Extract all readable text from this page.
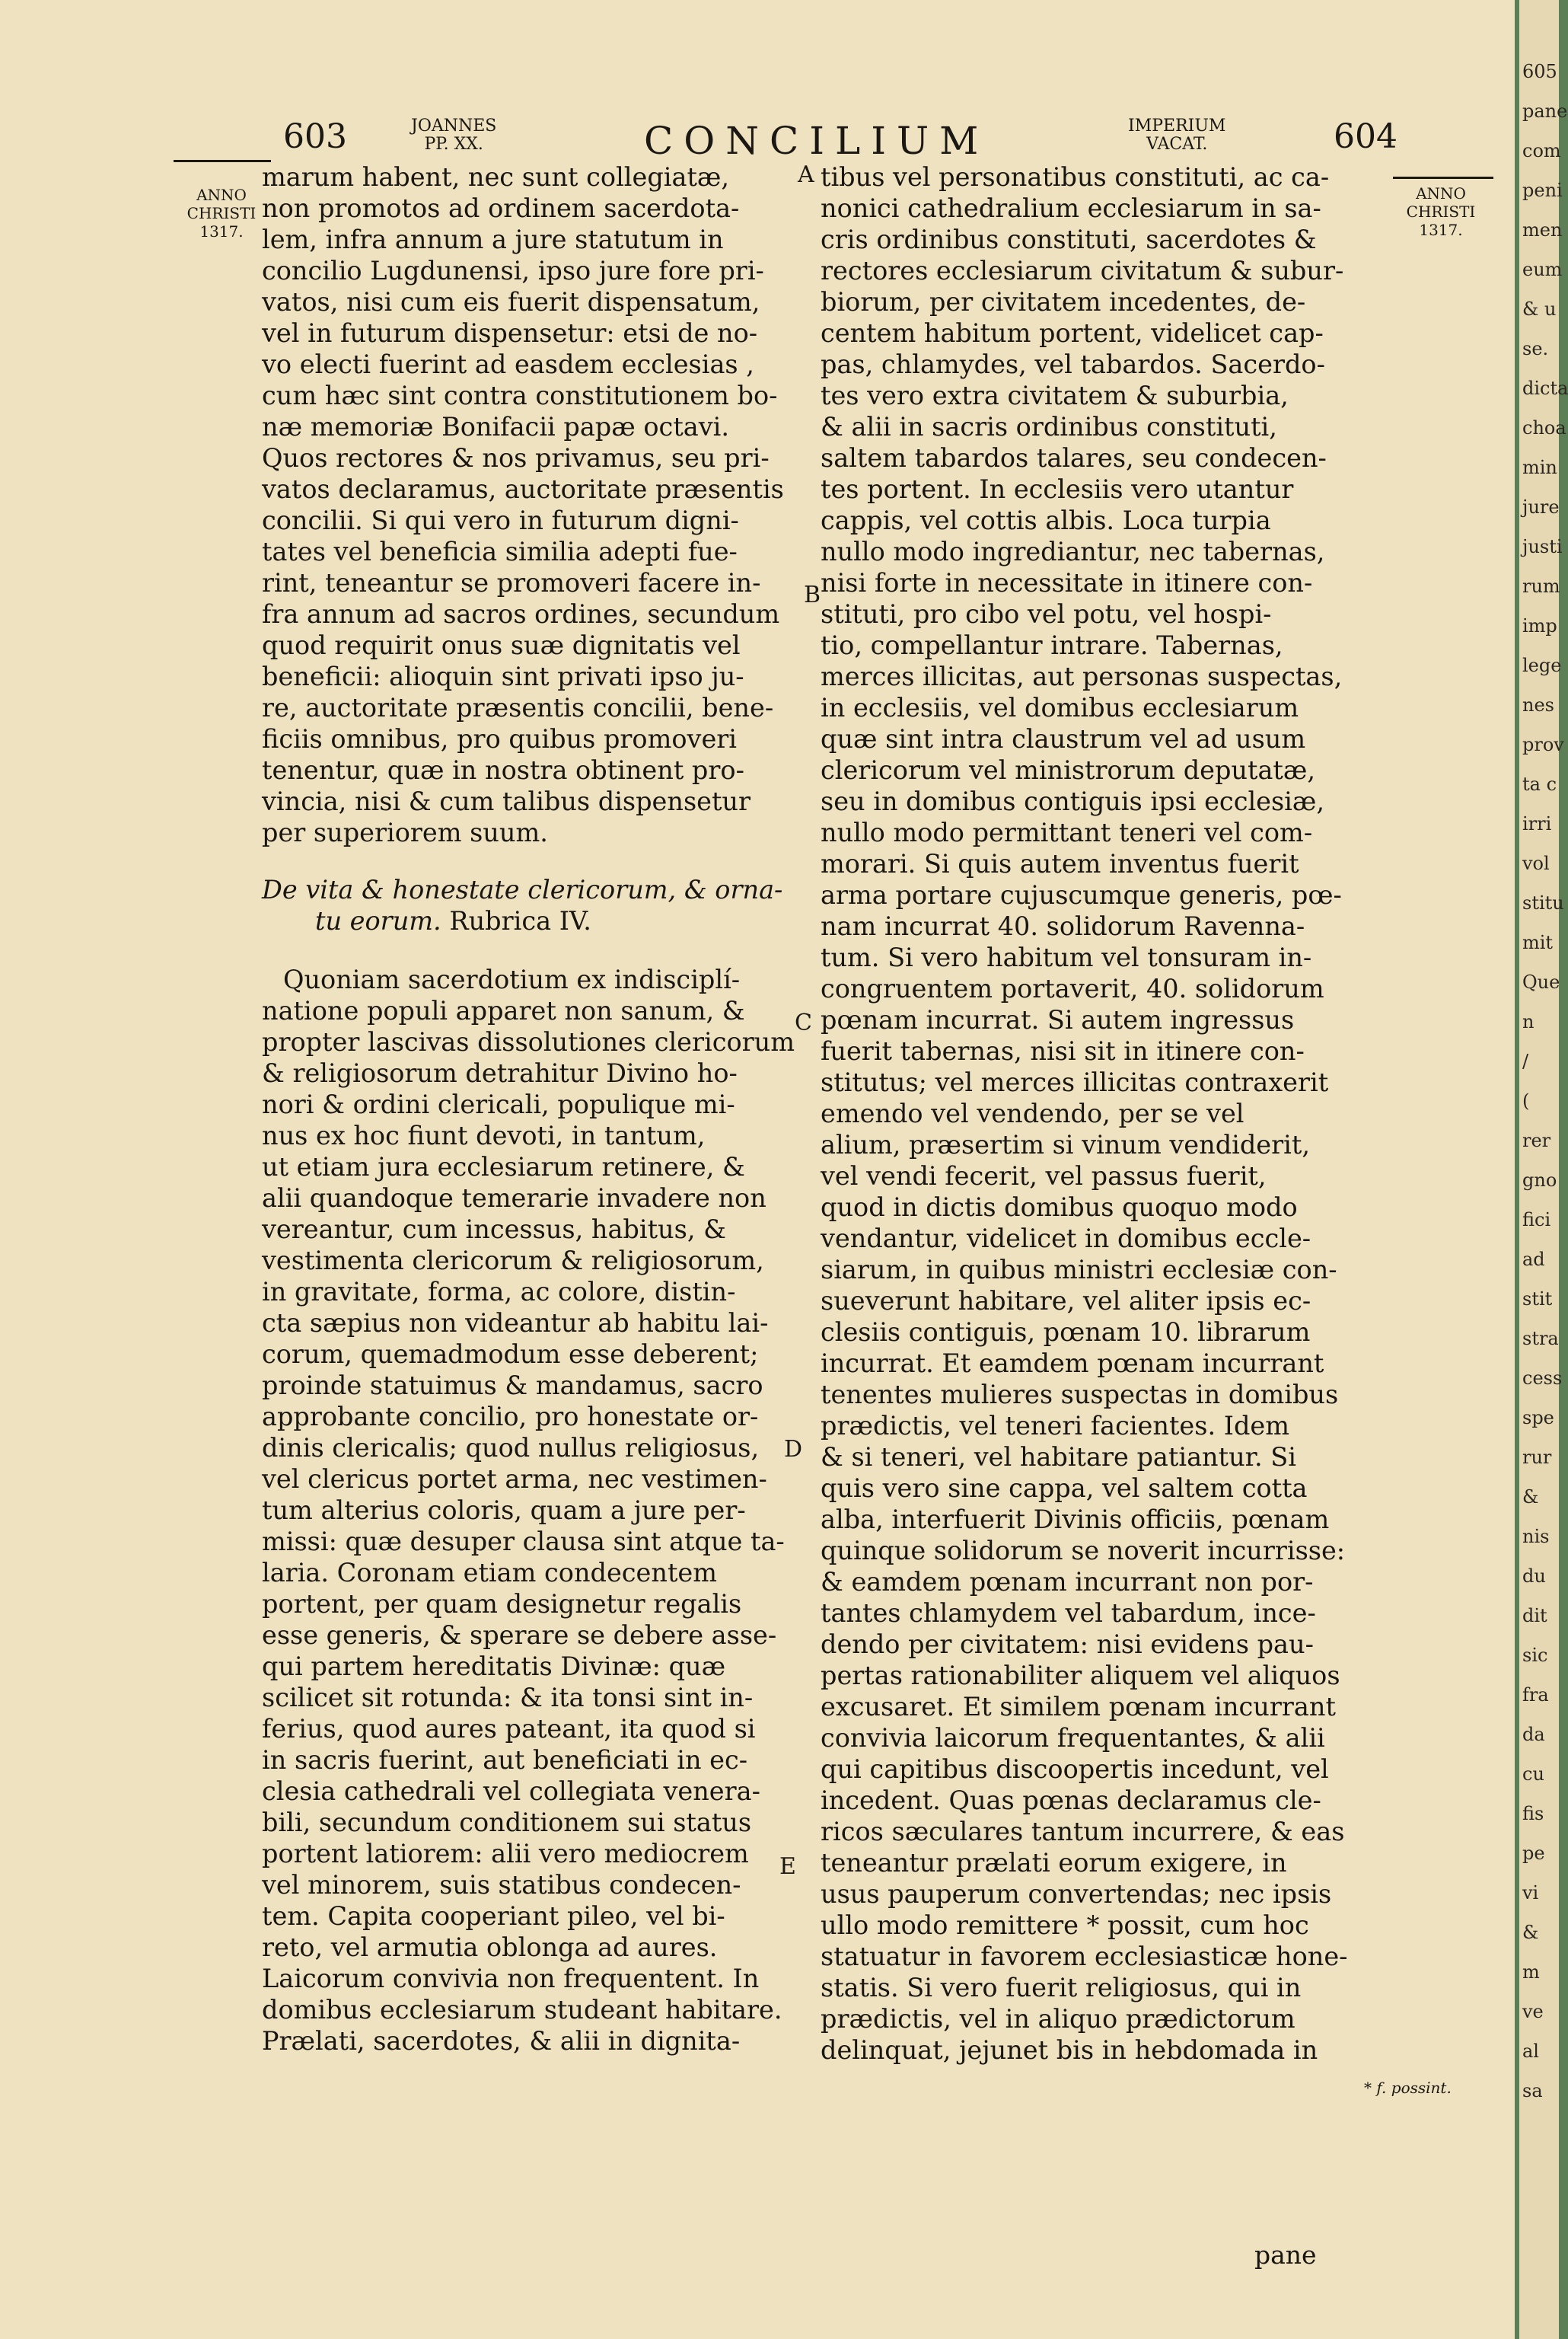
603	JOANNES
PP. XX.	CONCILIUM	IMPERIUM
VACAT.	604
ANNO
CHRISTI
1317.
ANNO
CHRISTI
1317.
marum habent, nec sunt collegiatæ,
non promotos ad ordinem sacerdota-
lem, infra annum a jure statutum in
concilio Lugdunensi, ipso jure fore pri-
vatos, nisi cum eis fuerit dispensatum,
vel in futurum dispensetur: etsi de no-
vo electi fuerint ad easdem ecclesias ,
cum hæc sint contra constitutionem bo-
næ memoriæ Bonifacii papæ octavi.
Quos rectores & nos privamus, seu pri-
vatos declaramus, auctoritate præsentis
concilii. Si qui vero in futurum digni-
tates vel beneficia similia adepti fue-
rint, teneantur se promoveri facere in-
fra annum ad sacros ordines, secundum
quod requirit onus suæ dignitatis vel
beneficii: alioquin sint privati ipso ju-
re, auctoritate præsentis concilii, bene-
ficiis omnibus, pro quibus promoveri
tenentur, quæ in nostra obtinent pro-
vincia, nisi & cum talibus dispensetur
per superiorem suum.
De vita & honestate clericorum, & orna-
tu eorum. Rubrica IV.
Quoniam sacerdotium ex indisciplí-
natione populi apparet non sanum, &
propter lascivas dissolutiones clericorum
& religiosorum detrahitur Divino ho-
nori & ordini clericali, populique mi-
nus ex hoc fiunt devoti, in tantum,
ut etiam jura ecclesiarum retinere, &
alii quandoque temerarie invadere non
vereantur, cum incessus, habitus, &
vestimenta clericorum & religiosorum,
in gravitate, forma, ac colore, distin-
cta sæpius non videantur ab habitu lai-
corum, quemadmodum esse deberent;
proinde statuimus & mandamus, sacro
approbante concilio, pro honestate or-
dinis clericalis; quod nullus religiosus,
vel clericus portet arma, nec vestimen-
tum alterius coloris, quam a jure per-
missi: quæ desuper clausa sint atque ta-
laria. Coronam etiam condecentem
portent, per quam designetur regalis
esse generis, & sperare se debere asse-
qui partem hereditatis Divinæ: quæ
scilicet sit rotunda: & ita tonsi sint in-
ferius, quod aures pateant, ita quod si
in sacris fuerint, aut beneficiati in ec-
clesia cathedrali vel collegiata venera-
bili, secundum conditionem sui status
portent latiorem: alii vero mediocrem
vel minorem, suis statibus condecen-
tem. Capita cooperiant pileo, vel bi-
reto, vel armutia oblonga ad aures.
Laicorum convivia non frequentent. In
domibus ecclesiarum studeant habitare.
Prælati, sacerdotes, & alii in dignita-
tibus vel personatibus constituti, ac ca-
nonici cathedralium ecclesiarum in sa-
cris ordinibus constituti, sacerdotes &
rectores ecclesiarum civitatum & subur-
biorum, per civitatem incedentes, de-
centem habitum portent, videlicet cap-
pas, chlamydes, vel tabardos. Sacerdo-
tes vero extra civitatem & suburbia,
& alii in sacris ordinibus constituti,
saltem tabardos talares, seu condecen-
tes portent. In ecclesiis vero utantur
cappis, vel cottis albis. Loca turpia
nullo modo ingrediantur, nec tabernas,
nisi forte in necessitate in itinere con-
stituti, pro cibo vel potu, vel hospi-
tio, compellantur intrare. Tabernas,
merces illicitas, aut personas suspectas,
in ecclesiis, vel domibus ecclesiarum
quæ sint intra claustrum vel ad usum
clericorum vel ministrorum deputatæ,
seu in domibus contiguis ipsi ecclesiæ,
nullo modo permittant teneri vel com-
morari. Si quis autem inventus fuerit
arma portare cujuscumque generis, pœ-
nam incurrat 40. solidorum Ravenna-
tum. Si vero habitum vel tonsuram in-
congruentem portaverit, 40. solidorum
pœnam incurrat. Si autem ingressus
fuerit tabernas, nisi sit in itinere con-
stitutus; vel merces illicitas contraxerit
emendo vel vendendo, per se vel
alium, præsertim si vinum vendiderit,
vel vendi fecerit, vel passus fuerit,
quod in dictis domibus quoquo modo
vendantur, videlicet in domibus eccle-
siarum, in quibus ministri ecclesiæ con-
sueverunt habitare, vel aliter ipsis ec-
clesiis contiguis, pœnam 10. librarum
incurrat. Et eamdem pœnam incurrant
tenentes mulieres suspectas in domibus
prædictis, vel teneri facientes. Idem
& si teneri, vel habitare patiantur. Si
quis vero sine cappa, vel saltem cotta
alba, interfuerit Divinis officiis, pœnam
quinque solidorum se noverit incurrisse:
& eamdem pœnam incurrant non por-
tantes chlamydem vel tabardum, ince-
dendo per civitatem: nisi evidens pau-
pertas rationabiliter aliquem vel aliquos
excusaret. Et similem pœnam incurrant
convivia laicorum frequentantes, & alii
qui capitibus discoopertis incedunt, vel
incedent. Quas pœnas declaramus cle-
ricos sæculares tantum incurrere, & eas
teneantur prælati eorum exigere, in
usus pauperum convertendas; nec ipsis
ullo modo remittere * possit, cum hoc
statuatur in favorem ecclesiasticæ hone-
statis. Si vero fuerit religiosus, qui in
prædictis, vel in aliquo prædictorum
delinquat, jejunet bis in hebdomada in
A
B
C
D
E
* f. possint.
pane
605
pane
com
peni
men
eum
& u
se.
dicta
choa
min
jure
justi
rum
imp
lege
nes
prov
ta c
irri
vol
stitu
mit
Que
n
/
(
rer
gno
fici
ad
stit
stra
cess
spe
rur
&
nis
du
dit
sic
fra
da
cu
fis
pe
vi
&
m
ve
al
sa
